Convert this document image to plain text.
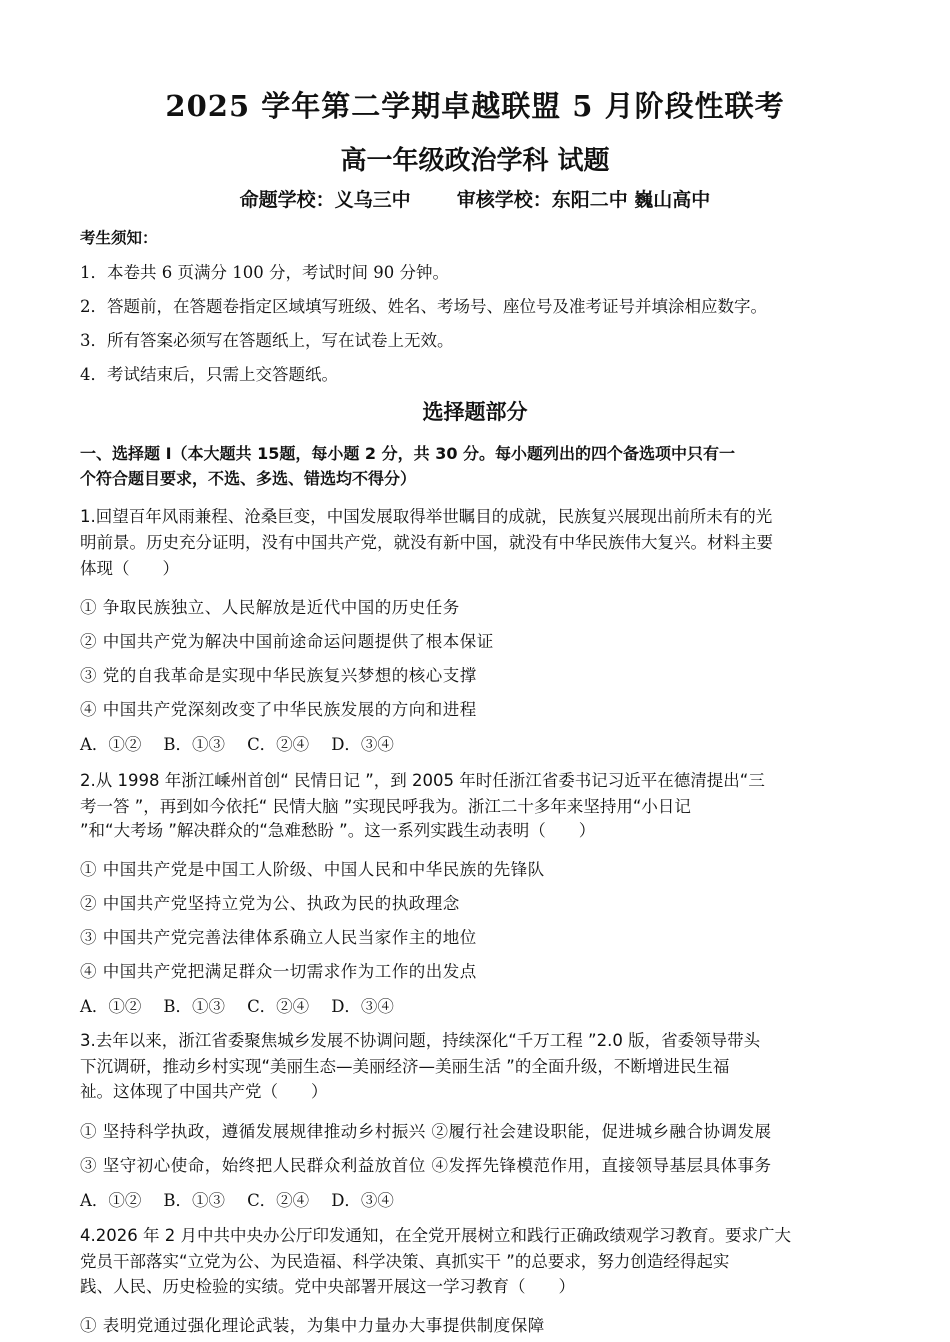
2025 学年第二学期卓越联盟 5 月阶段性联考
高一年级政治学科 试题
命题学校：义乌三中 审核学校：东阳二中 巍山高中
考生须知：
1．本卷共 6 页满分 100 分，考试时间 90 分钟。
2．答题前，在答题卷指定区域填写班级、姓名、考场号、座位号及准考证号并填涂相应数字。
3．所有答案必须写在答题纸上，写在试卷上无效。
4．考试结束后，只需上交答题纸。
选择题部分
一、选择题 Ⅰ（本大题共 15题，每小题 2 分，共 30 分。每小题列出的四个备选项中只有一
个符合题目要求，不选、多选、错选均不得分）
1.回望百年风雨兼程、沧桑巨变，中国发展取得举世瞩目的成就，民族复兴展现出前所未有的光
明前景。历史充分证明，没有中国共产党，就没有新中国，就没有中华民族伟大复兴。材料主要
体现（　　）
① 争取民族独立、人民解放是近代中国的历史任务
② 中国共产党为解决中国前途命运问题提供了根本保证
③ 党的自我革命是实现中华民族复兴梦想的核心支撑
④ 中国共产党深刻改变了中华民族发展的方向和进程
A．①② B．①③ C．②④ D．③④
2.从 1998 年浙江嵊州首创“ 民情日记 ”，到 2005 年时任浙江省委书记习近平在德清提出“三
考一答 ”，再到如今依托“ 民情大脑 ”实现民呼我为。浙江二十多年来坚持用“小日记
”和“大考场 ”解决群众的“急难愁盼 ”。这一系列实践生动表明（　　）
① 中国共产党是中国工人阶级、中国人民和中华民族的先锋队
② 中国共产党坚持立党为公、执政为民的执政理念
③ 中国共产党完善法律体系确立人民当家作主的地位
④ 中国共产党把满足群众一切需求作为工作的出发点
A．①② B．①③ C．②④ D．③④
3.去年以来，浙江省委聚焦城乡发展不协调问题，持续深化“千万工程 ”2.0 版，省委领导带头
下沉调研，推动乡村实现“美丽生态—美丽经济—美丽生活 ”的全面升级，不断增进民生福
祉。这体现了中国共产党（　　）
① 坚持科学执政，遵循发展规律推动乡村振兴 ②履行社会建设职能，促进城乡融合协调发展
③ 坚守初心使命，始终把人民群众利益放首位 ④发挥先锋模范作用，直接领导基层具体事务
A．①② B．①③ C．②④ D．③④
4.2026 年 2 月中共中央办公厅印发通知，在全党开展树立和践行正确政绩观学习教育。要求广大
党员干部落实“立党为公、为民造福、科学决策、真抓实干 ”的总要求，努力创造经得起实
践、人民、历史检验的实绩。党中央部署开展这一学习教育（　　）
① 表明党通过强化理论武装，为集中力量办大事提供制度保障
